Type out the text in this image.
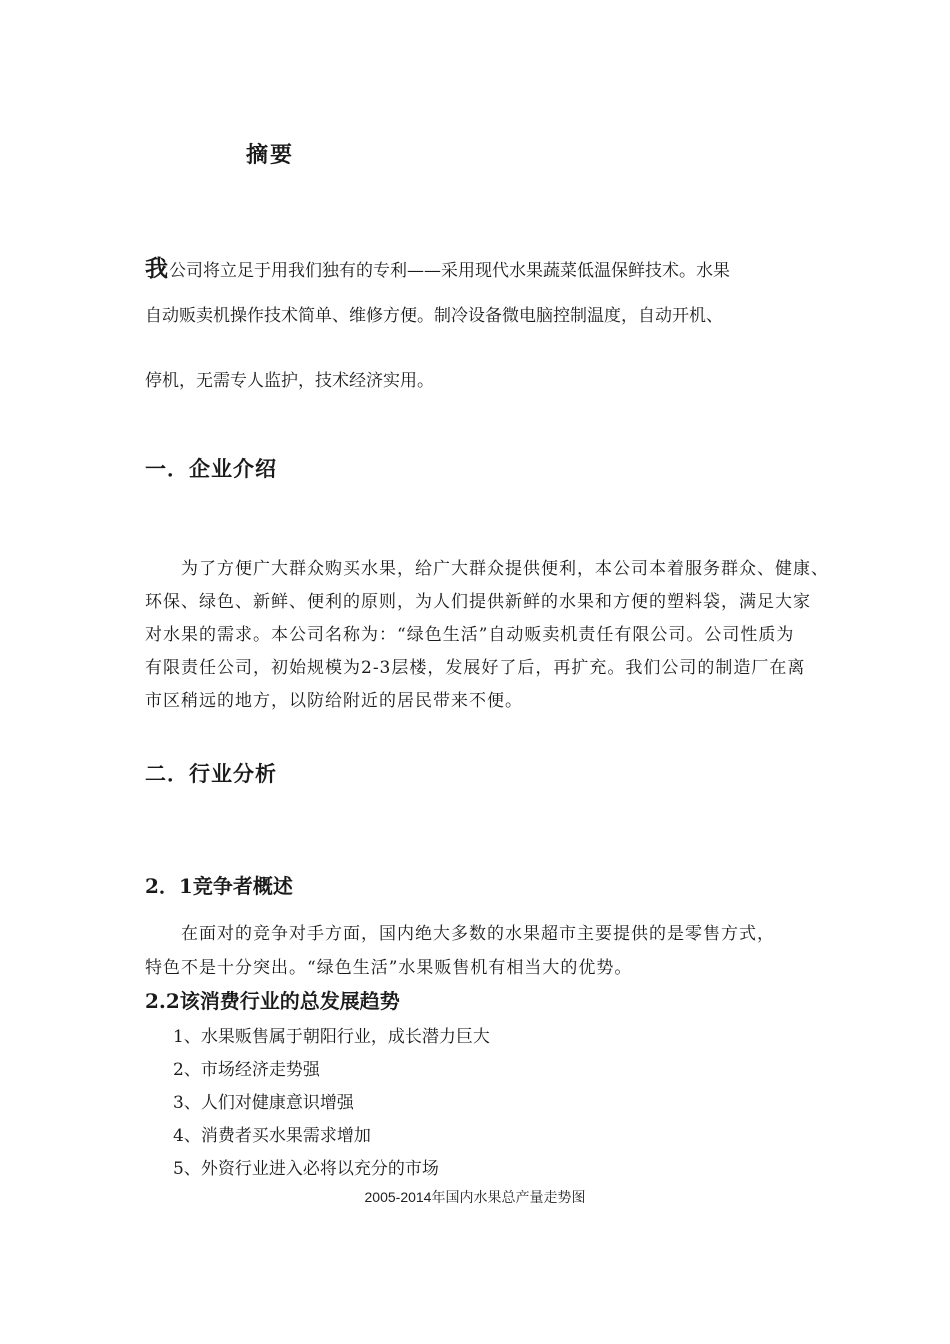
摘要

我公司将立足于用我们独有的专利——采用现代水果蔬菜低温保鲜技术。水果

自动贩卖机操作技术简单、维修方便。制冷设备微电脑控制温度，自动开机、

停机，无需专人监护，技术经济实用。

一．企业介绍

　　为了方便广大群众购买水果，给广大群众提供便利，本公司本着服务群众、健康、

环保、绿色、新鲜、便利的原则，为人们提供新鲜的水果和方便的塑料袋，满足大家

对水果的需求。本公司名称为：“绿色生活”自动贩卖机责任有限公司。公司性质为

有限责任公司，初始规模为2-3层楼，发展好了后，再扩充。我们公司的制造厂在离

市区稍远的地方，以防给附近的居民带来不便。

二．行业分析
2．1竞争者概述

　　在面对的竞争对手方面，国内绝大多数的水果超市主要提供的是零售方式，

特色不是十分突出。“绿色生活”水果贩售机有相当大的优势。

2.2该消费行业的总发展趋势

1、水果贩售属于朝阳行业，成长潜力巨大

2、市场经济走势强

3、人们对健康意识增强

4、消费者买水果需求增加

5、外资行业进入必将以充分的市场

2005-2014年国内水果总产量走势图
